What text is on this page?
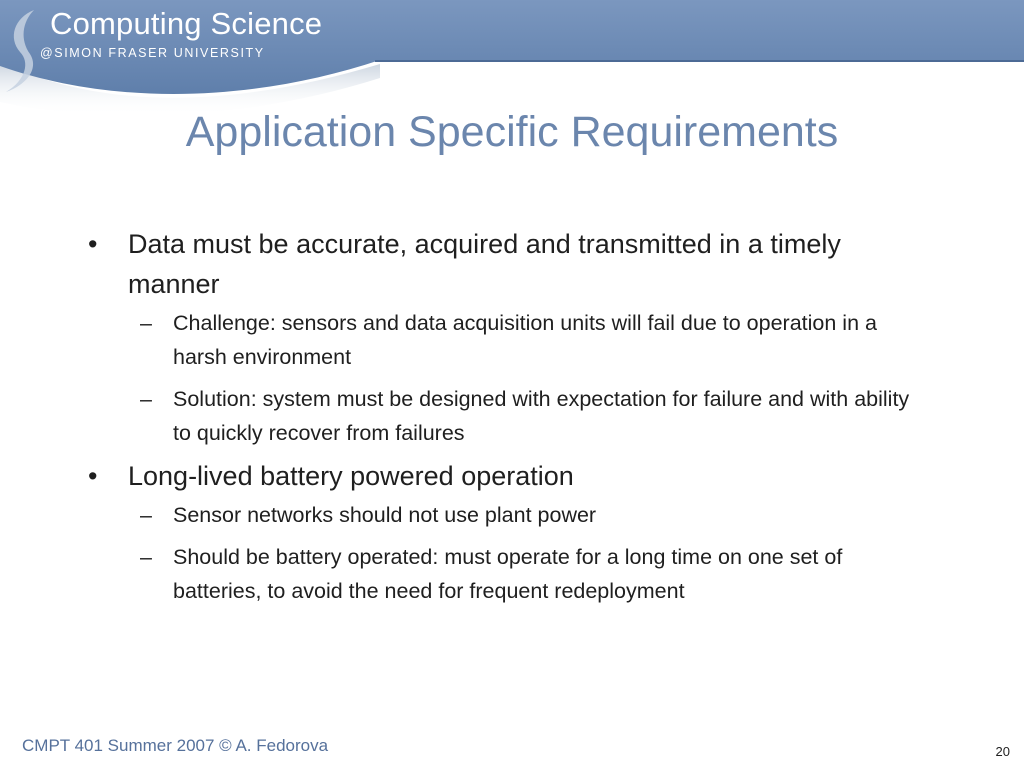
Computing Science
@SIMON FRASER UNIVERSITY
Application Specific Requirements
• Data must be accurate, acquired and transmitted in a timely manner
– Challenge: sensors and data acquisition units will fail due to operation in a harsh environment
– Solution: system must be designed with expectation for failure and with ability to quickly recover from failures
• Long-lived battery powered operation
– Sensor networks should not use plant power
– Should be battery operated: must operate for a long time on one set of batteries, to avoid the need for frequent redeployment
CMPT 401 Summer 2007 © A. Fedorova	20
